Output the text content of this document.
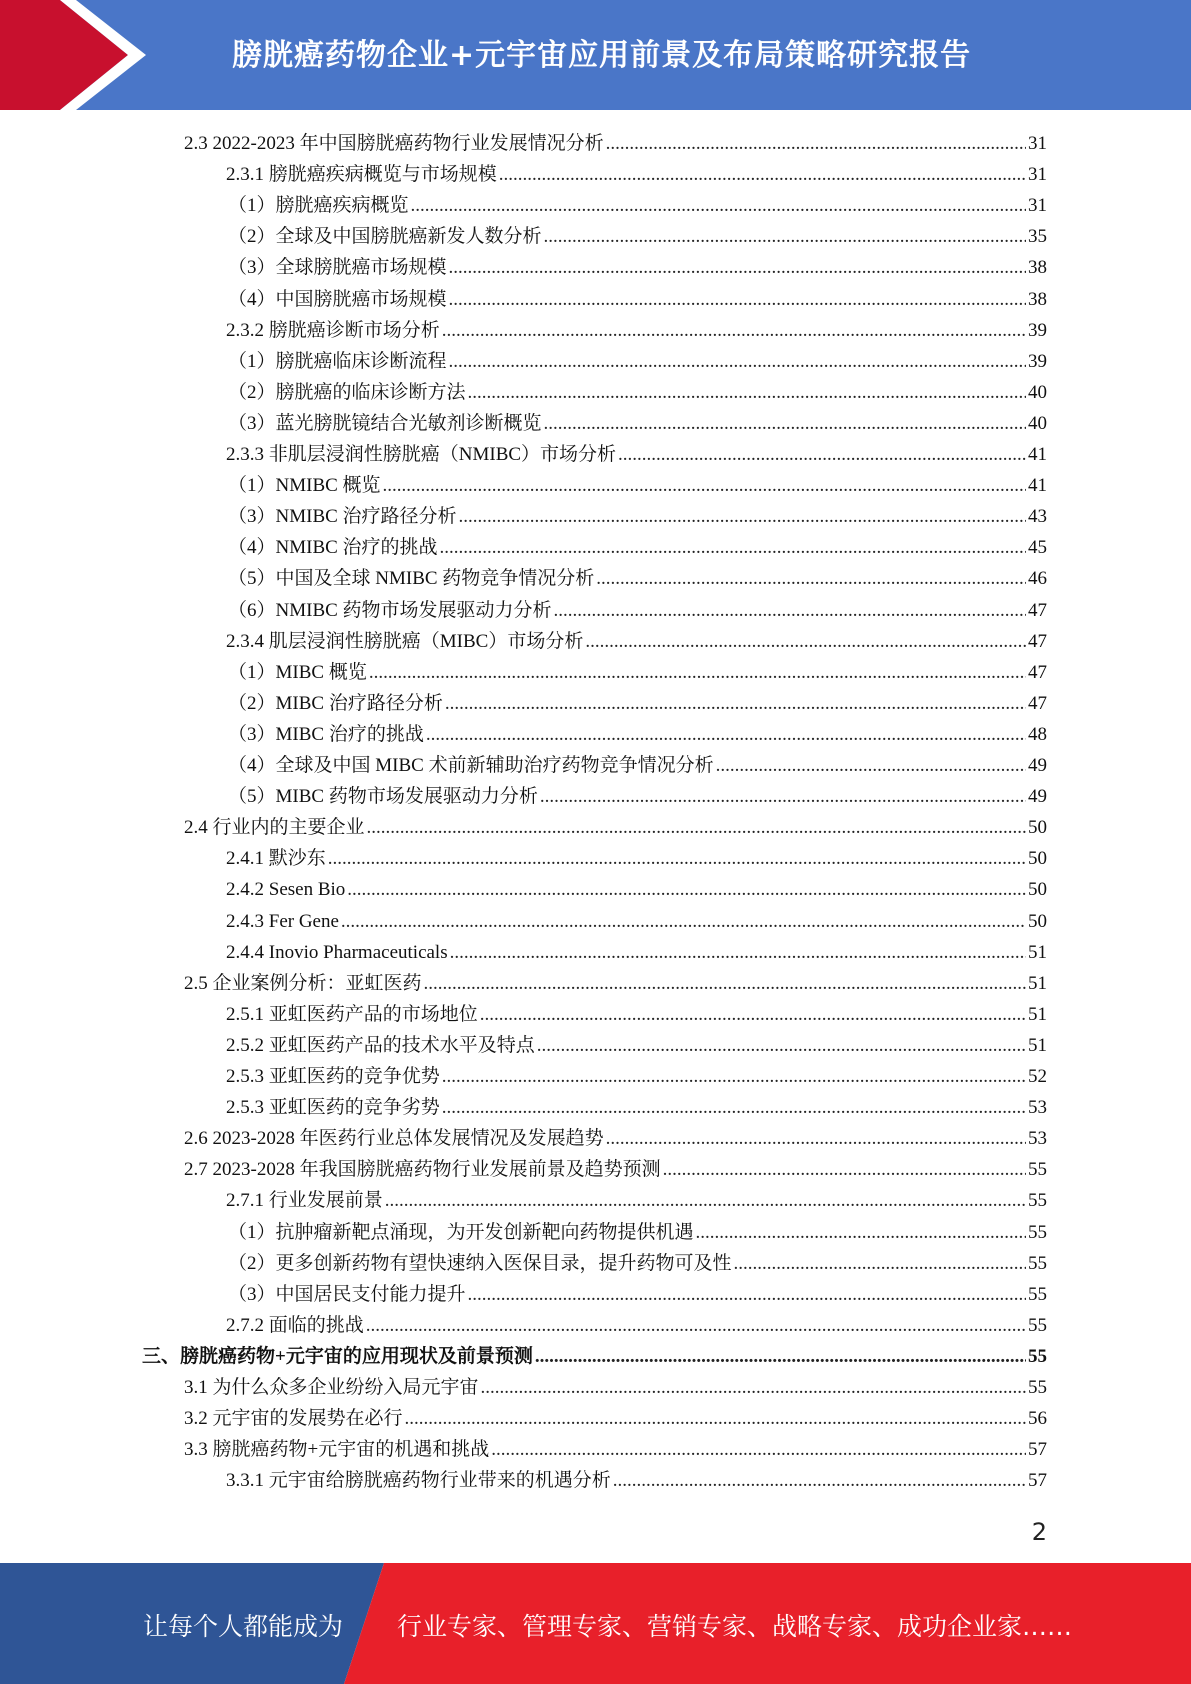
膀胱癌药物企业+元宇宙应用前景及布局策略研究报告
2.3 2022-2023 年中国膀胱癌药物行业发展情况分析 .....	31
2.3.1 膀胱癌疾病概览与市场规模 .....	31
（1）膀胱癌疾病概览 .....	31
（2）全球及中国膀胱癌新发人数分析 .....	35
（3）全球膀胱癌市场规模 .....	38
（4）中国膀胱癌市场规模 .....	38
2.3.2 膀胱癌诊断市场分析 .....	39
（1）膀胱癌临床诊断流程 .....	39
（2）膀胱癌的临床诊断方法 .....	40
（3）蓝光膀胱镜结合光敏剂诊断概览 .....	40
2.3.3 非肌层浸润性膀胱癌（NMIBC）市场分析 .....	41
（1）NMIBC 概览 .....	41
（3）NMIBC 治疗路径分析 .....	43
（4）NMIBC 治疗的挑战 .....	45
（5）中国及全球 NMIBC 药物竞争情况分析 .....	46
（6）NMIBC 药物市场发展驱动力分析 .....	47
2.3.4 肌层浸润性膀胱癌（MIBC）市场分析 .....	47
（1）MIBC 概览 .....	47
（2）MIBC 治疗路径分析 .....	47
（3）MIBC 治疗的挑战 .....	48
（4）全球及中国 MIBC 术前新辅助治疗药物竞争情况分析 .....	49
（5）MIBC 药物市场发展驱动力分析 .....	49
2.4 行业内的主要企业 .....	50
2.4.1 默沙东 .....	50
2.4.2 Sesen Bio .....	50
2.4.3 Fer Gene .....	50
2.4.4 Inovio Pharmaceuticals .....	51
2.5 企业案例分析：亚虹医药 .....	51
2.5.1 亚虹医药产品的市场地位 .....	51
2.5.2 亚虹医药产品的技术水平及特点 .....	51
2.5.3 亚虹医药的竞争优势 .....	52
2.5.3 亚虹医药的竞争劣势 .....	53
2.6 2023-2028 年医药行业总体发展情况及发展趋势 .....	53
2.7 2023-2028 年我国膀胱癌药物行业发展前景及趋势预测 .....	55
2.7.1 行业发展前景 .....	55
（1）抗肿瘤新靶点涌现，为开发创新靶向药物提供机遇 .....	55
（2）更多创新药物有望快速纳入医保目录，提升药物可及性 .....	55
（3）中国居民支付能力提升 .....	55
2.7.2 面临的挑战 .....	55
三、膀胱癌药物+元宇宙的应用现状及前景预测 .....	55
3.1 为什么众多企业纷纷入局元宇宙 .....	55
3.2 元宇宙的发展势在必行 .....	56
3.3 膀胱癌药物+元宇宙的机遇和挑战 .....	57
3.3.1 元宇宙给膀胱癌药物行业带来的机遇分析 .....	57
2
让每个人都能成为 行业专家、管理专家、营销专家、战略专家、成功企业家……
